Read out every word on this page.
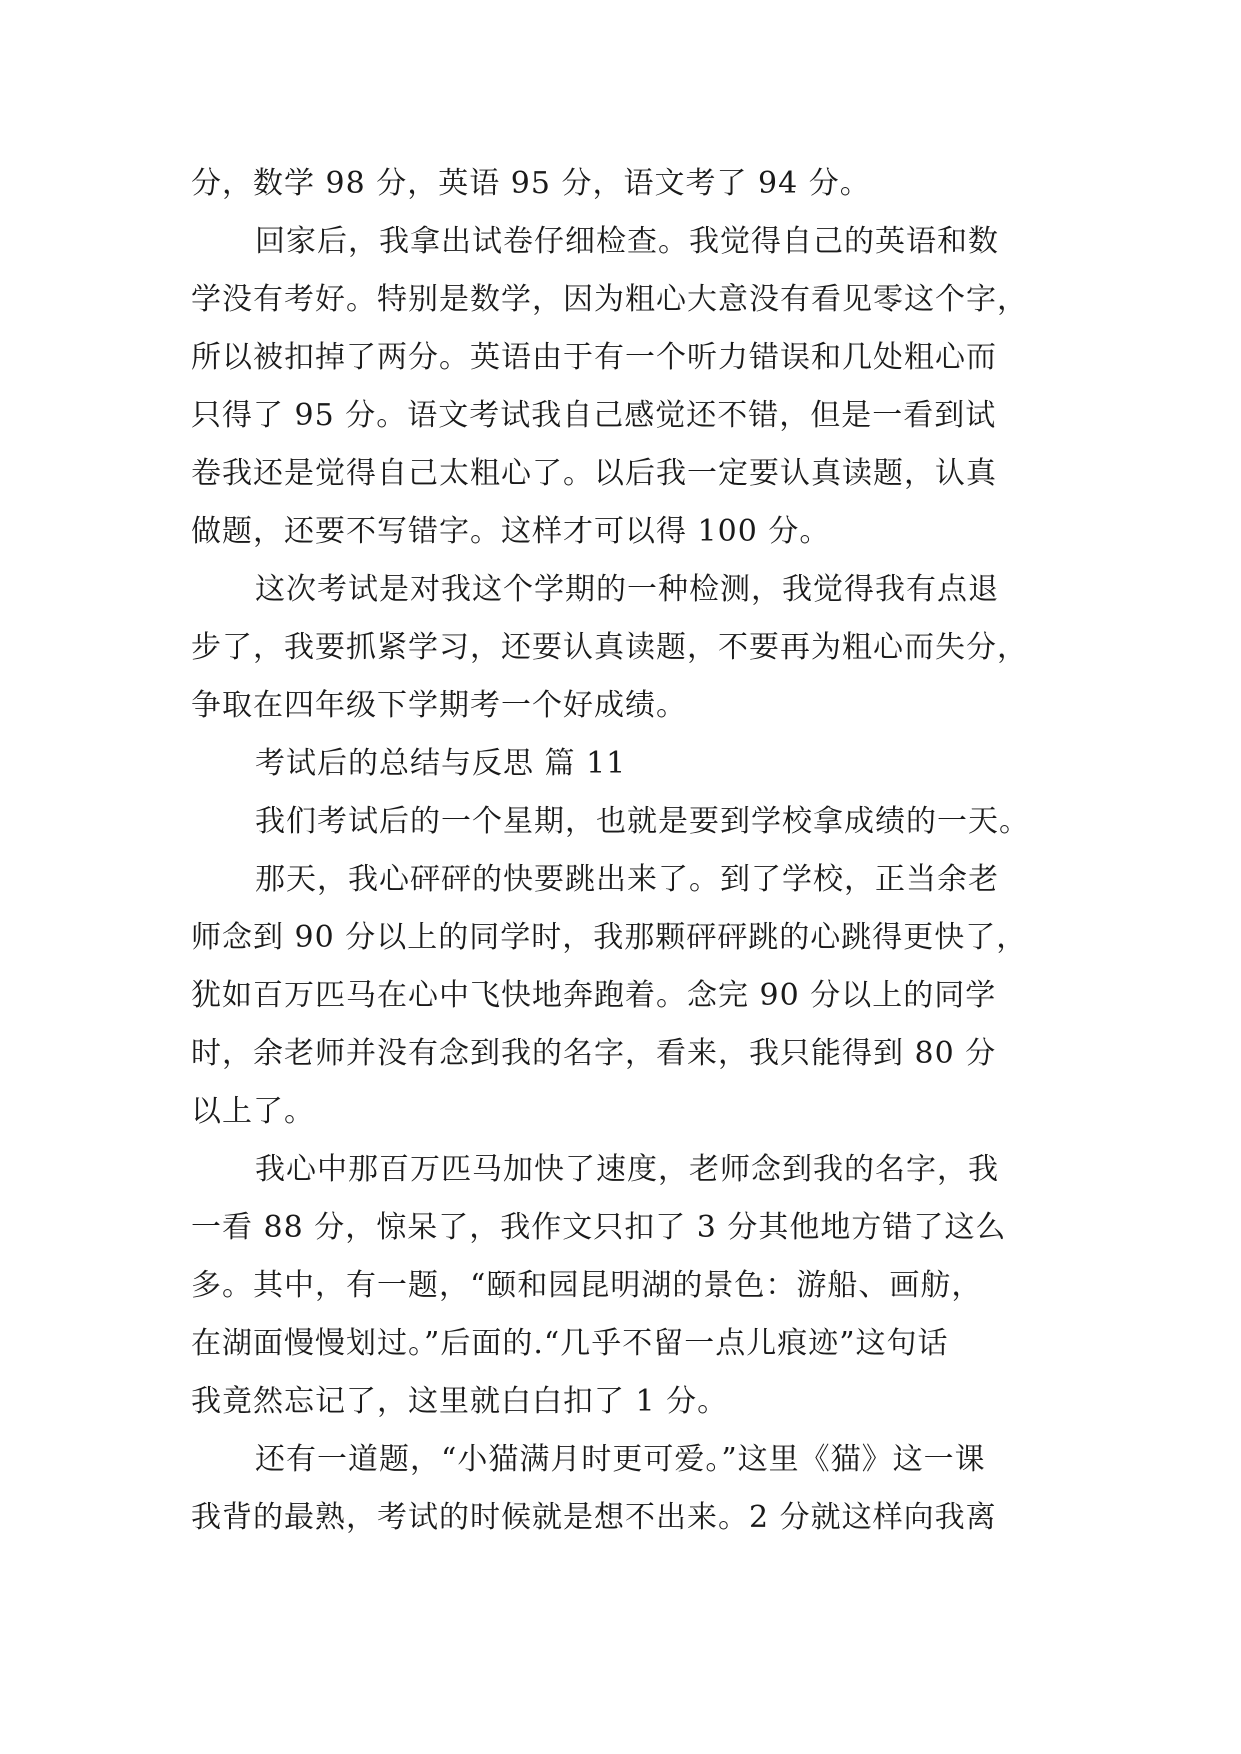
分，数学 98 分，英语 95 分，语文考了 94 分。
回家后，我拿出试卷仔细检查。我觉得自己的英语和数
学没有考好。特别是数学，因为粗心大意没有看见零这个字，
所以被扣掉了两分。英语由于有一个听力错误和几处粗心而
只得了 95 分。语文考试我自己感觉还不错，但是一看到试
卷我还是觉得自己太粗心了。以后我一定要认真读题，认真
做题，还要不写错字。这样才可以得 100 分。
这次考试是对我这个学期的一种检测，我觉得我有点退
步了，我要抓紧学习，还要认真读题，不要再为粗心而失分，
争取在四年级下学期考一个好成绩。
考试后的总结与反思 篇 11
我们考试后的一个星期，也就是要到学校拿成绩的一天。
那天，我心砰砰的快要跳出来了。到了学校，正当余老
师念到 90 分以上的同学时，我那颗砰砰跳的心跳得更快了，
犹如百万匹马在心中飞快地奔跑着。念完 90 分以上的同学
时，余老师并没有念到我的名字，看来，我只能得到 80 分
以上了。
我心中那百万匹马加快了速度，老师念到我的名字，我
一看 88 分，惊呆了，我作文只扣了 3 分其他地方错了这么
多。其中，有一题，“颐和园昆明湖的景色：游船、画舫，
在湖面慢慢划过。”后面的.“几乎不留一点儿痕迹”这句话
我竟然忘记了，这里就白白扣了 1 分。
还有一道题，“小猫满月时更可爱。”这里《猫》这一课
我背的最熟，考试的时候就是想不出来。2 分就这样向我离
